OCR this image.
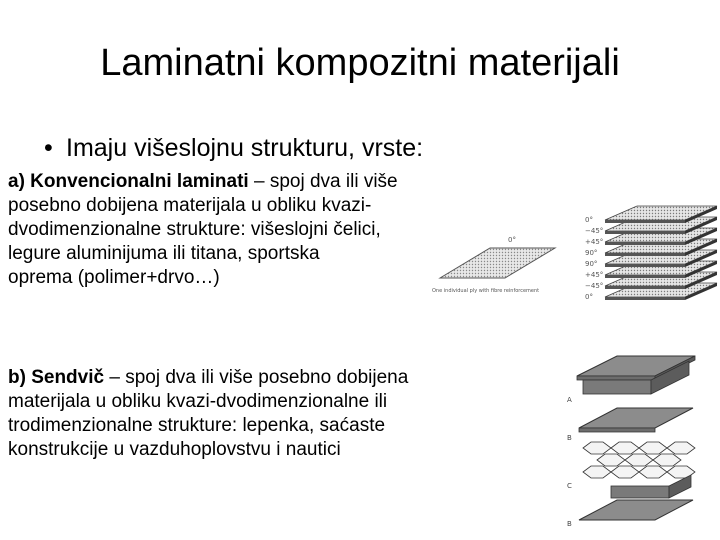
Laminatni kompozitni materijali
• Imaju višeslojnu strukturu, vrste:
a) Konvencionalni laminati – spoj dva ili više
posebno dobijena materijala u obliku kvazi-
dvodimenzionalne strukture: višeslojni čelici,
legure aluminijuma ili titana, sportska
oprema (polimer+drvo…)
b) Sendvič – spoj dva ili više posebno dobijena
materijala u obliku kvazi-dvodimenzionalne ili
trodimenzionalne strukture: lepenka, saćaste
konstrukcije u vazduhoplovstvu i nautici
0°
One individual ply with fibre reinforcement
0°
−45°
+45°
90°
90°
+45°
−45°
0°
A
B
C
B
